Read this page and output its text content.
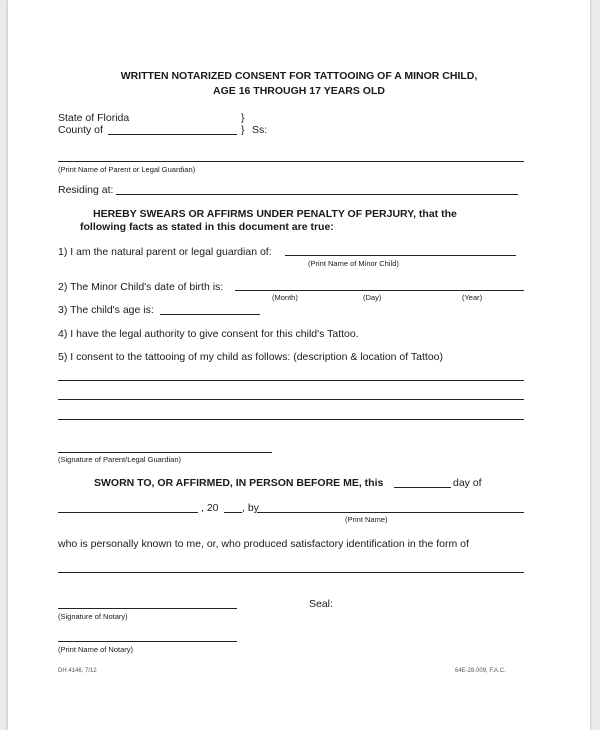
WRITTEN NOTARIZED CONSENT FOR TATTOOING OF A MINOR CHILD,
AGE 16 THROUGH 17 YEARS OLD
State of Florida	}
County of	} Ss:
(Print Name of Parent or Legal Guardian)
Residing at:
HEREBY SWEARS OR AFFIRMS UNDER PENALTY OF PERJURY, that the
following facts as stated in this document are true:
1) I am the natural parent or legal guardian of:
(Print Name of Minor Child)
2) The Minor Child's date of birth is:
(Month)	(Day)	(Year)
3) The child's age is:
4) I have the legal authority to give consent for this child's Tattoo.
5) I consent to the tattooing of my child as follows: (description & location of Tattoo)
(Signature of Parent/Legal Guardian)
SWORN TO, OR AFFIRMED, IN PERSON BEFORE ME, this	day of
, 20 , by
(Print Name)
who is personally known to me, or, who produced satisfactory identification in the form of
Seal:
(Signature of Notary)
(Print Name of Notary)
DH 4146, 7/12	64E-28.009, F.A.C.
